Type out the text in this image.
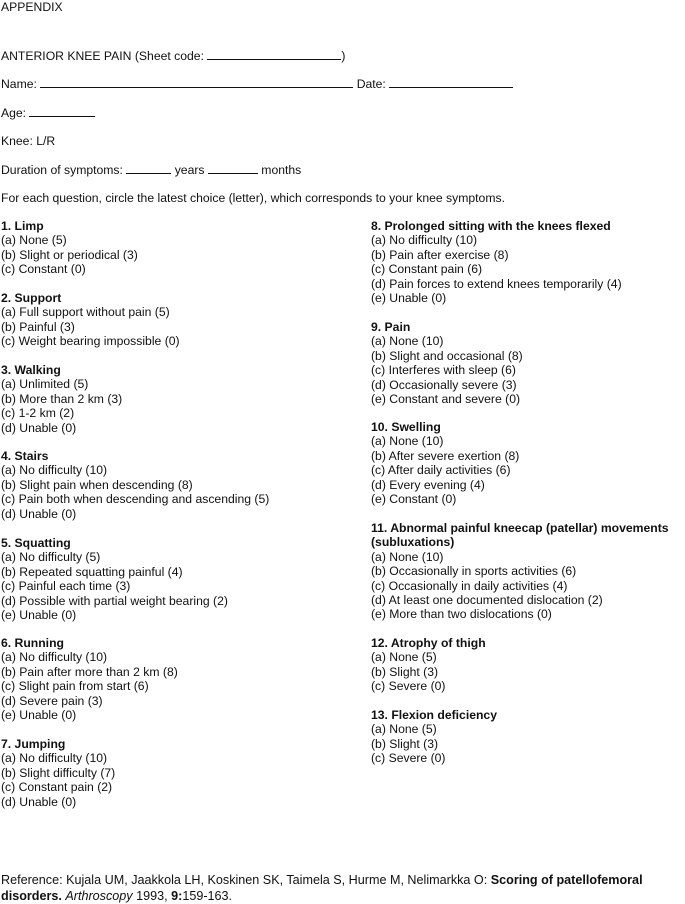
APPENDIX
ANTERIOR KNEE PAIN (Sheet code:	)
Name:	Date:
Age:
Knee: L/R
Duration of symptoms:	years	months
For each question, circle the latest choice (letter), which corresponds to your knee symptoms.
1. Limp
(a) None (5)
(b) Slight or periodical (3)
(c) Constant (0)
2. Support
(a) Full support without pain (5)
(b) Painful (3)
(c) Weight bearing impossible (0)
3. Walking
(a) Unlimited (5)
(b) More than 2 km (3)
(c) 1-2 km (2)
(d) Unable (0)
4. Stairs
(a) No difficulty (10)
(b) Slight pain when descending (8)
(c) Pain both when descending and ascending (5)
(d) Unable (0)
5. Squatting
(a) No difficulty (5)
(b) Repeated squatting painful (4)
(c) Painful each time (3)
(d) Possible with partial weight bearing (2)
(e) Unable (0)
6. Running
(a) No difficulty (10)
(b) Pain after more than 2 km (8)
(c) Slight pain from start (6)
(d) Severe pain (3)
(e) Unable (0)
7. Jumping
(a) No difficulty (10)
(b) Slight difficulty (7)
(c) Constant pain (2)
(d) Unable (0)
8. Prolonged sitting with the knees flexed
(a) No difficulty (10)
(b) Pain after exercise (8)
(c) Constant pain (6)
(d) Pain forces to extend knees temporarily (4)
(e) Unable (0)
9. Pain
(a) None (10)
(b) Slight and occasional (8)
(c) Interferes with sleep (6)
(d) Occasionally severe (3)
(e) Constant and severe (0)
10. Swelling
(a) None (10)
(b) After severe exertion (8)
(c) After daily activities (6)
(d) Every evening (4)
(e) Constant (0)
11. Abnormal painful kneecap (patellar) movements
(subluxations)
(a) None (10)
(b) Occasionally in sports activities (6)
(c) Occasionally in daily activities (4)
(d) At least one documented dislocation (2)
(e) More than two dislocations (0)
12. Atrophy of thigh
(a) None (5)
(b) Slight (3)
(c) Severe (0)
13. Flexion deficiency
(a) None (5)
(b) Slight (3)
(c) Severe (0)
Reference: Kujala UM, Jaakkola LH, Koskinen SK, Taimela S, Hurme M, Nelimarkka O: Scoring of patellofemoral disorders. Arthroscopy 1993, 9:159-163.
